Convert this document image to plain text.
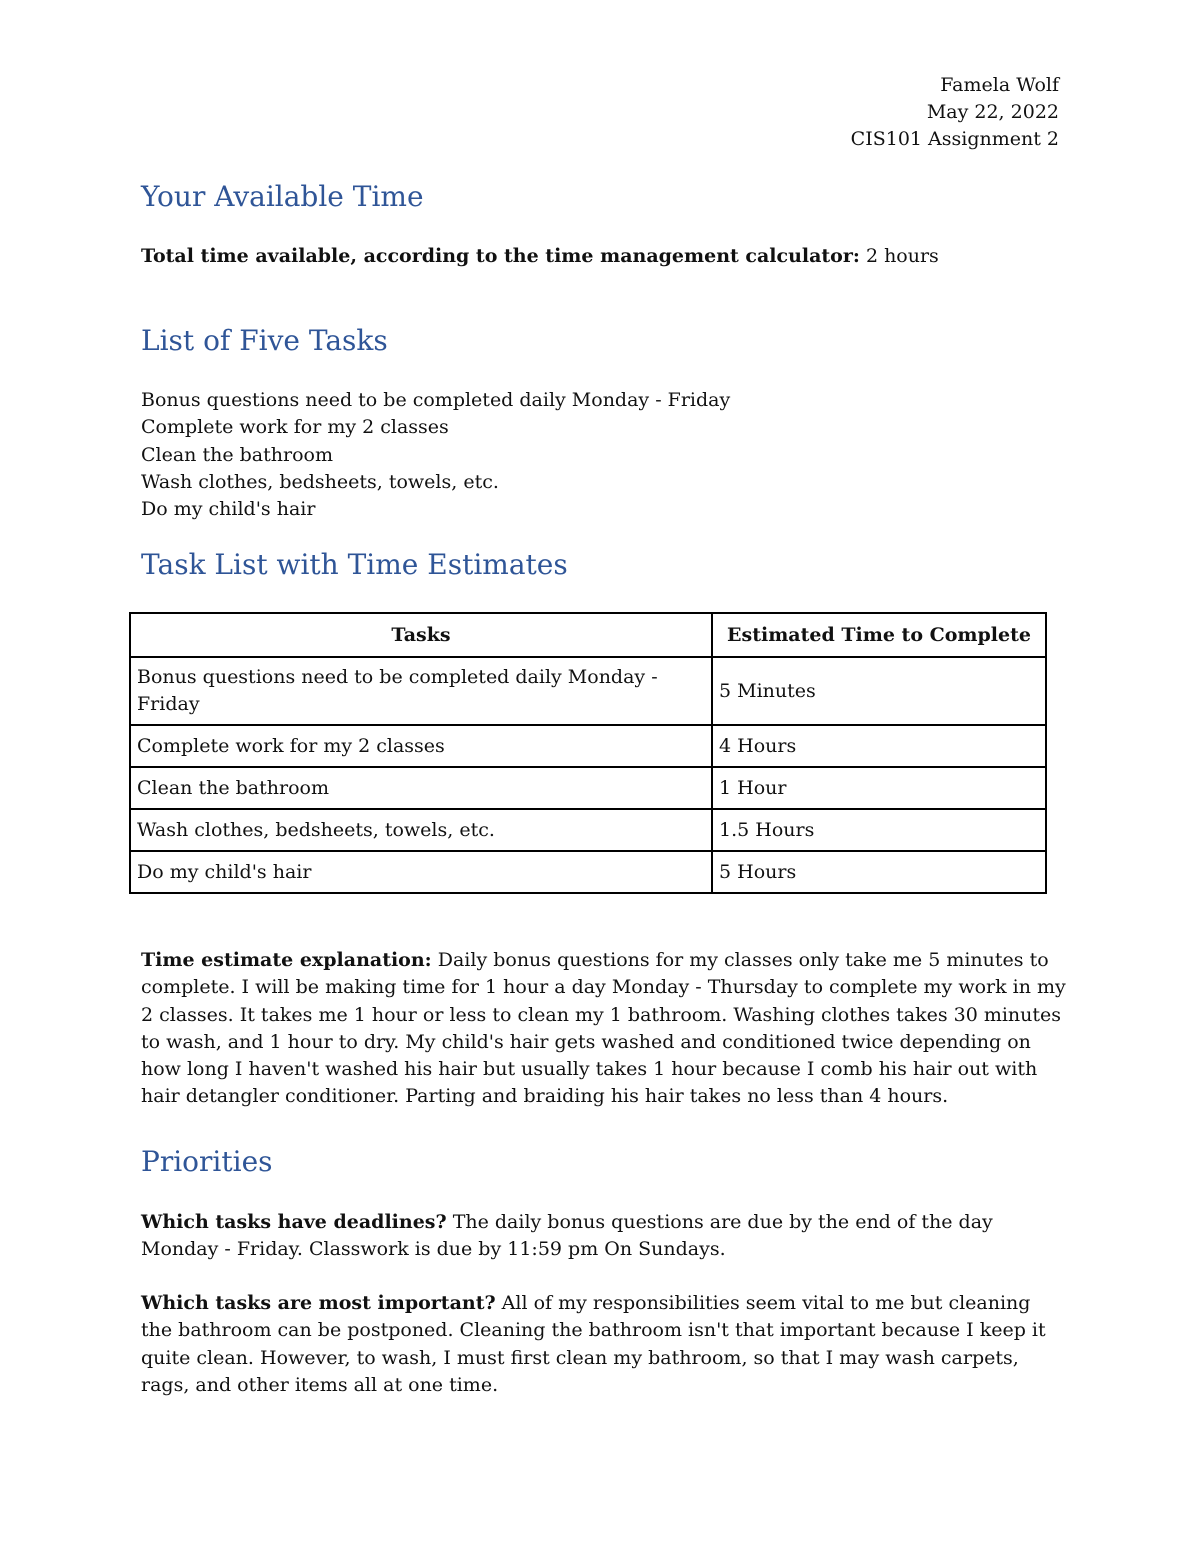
Famela Wolf
May 22, 2022
CIS101 Assignment 2
Your Available Time

Total time available, according to the time management calculator: 2 hours

List of Five Tasks
Bonus questions need to be completed daily Monday - Friday
Complete work for my 2 classes
Clean the bathroom
Wash clothes, bedsheets, towels, etc.
Do my child's hair
Task List with Time Estimates
Tasks	Estimated Time to Complete
Bonus questions need to be completed daily Monday - Friday	5 Minutes
Complete work for my 2 classes	4 Hours
Clean the bathroom	1 Hour
Wash clothes, bedsheets, towels, etc.	1.5 Hours
Do my child's hair	5 Hours

Time estimate explanation: Daily bonus questions for my classes only take me 5 minutes to complete. I will be making time for 1 hour a day Monday - Thursday to complete my work in my 2 classes. It takes me 1 hour or less to clean my 1 bathroom. Washing clothes takes 30 minutes to wash, and 1 hour to dry. My child's hair gets washed and conditioned twice depending on how long I haven't washed his hair but usually takes 1 hour because I comb his hair out with hair detangler conditioner. Parting and braiding his hair takes no less than 4 hours.

Priorities

Which tasks have deadlines? The daily bonus questions are due by the end of the day Monday - Friday. Classwork is due by 11:59 pm On Sundays.

Which tasks are most important? All of my responsibilities seem vital to me but cleaning the bathroom can be postponed. Cleaning the bathroom isn't that important because I keep it quite clean. However, to wash, I must first clean my bathroom, so that I may wash carpets, rags, and other items all at one time.
